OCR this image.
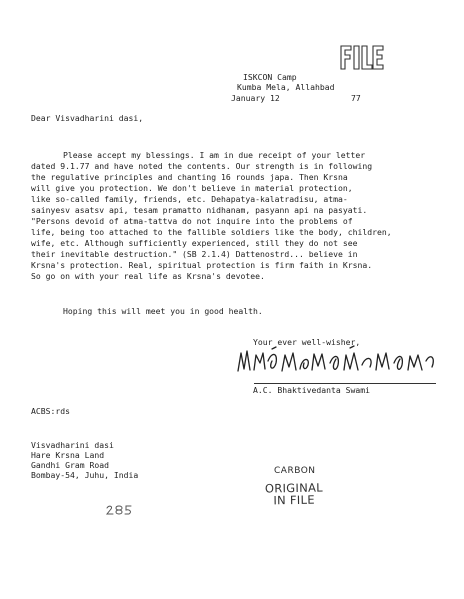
ISKCON Camp
Kumba Mela, Allahbad
January 12	77
Dear Visvadharini dasi,
Please accept my blessings. I am in due receipt of your letter
dated 9.1.77 and have noted the contents. Our strength is in following
the regulative principles and chanting 16 rounds japa. Then Krsna
will give you protection. We don't believe in material protection,
like so-called family, friends, etc. Dehapatya-kalatradisu, atma-
sainyesv asatsv api, tesam pramatto nidhanam, pasyann api na pasyati.
"Persons devoid of atma-tattva do not inquire into the problems of
life, being too attached to the fallible soldiers like the body, children,
wife, etc. Although sufficiently experienced, still they do not see
their inevitable destruction." (SB 2.1.4) Dattenostrd... believe in
Krsna's protection. Real, spiritual protection is firm faith in Krsna.
So go on with your real life as Krsna's devotee.
Hoping this will meet you in good health.
Your ever well-wisher,
A.C. Bhaktivedanta Swami
ACBS:rds
Visvadharini dasi
Hare Krsna Land
Gandhi Gram Road
Bombay-54, Juhu, India	CARBON
ORIGINAL
IN FILE
